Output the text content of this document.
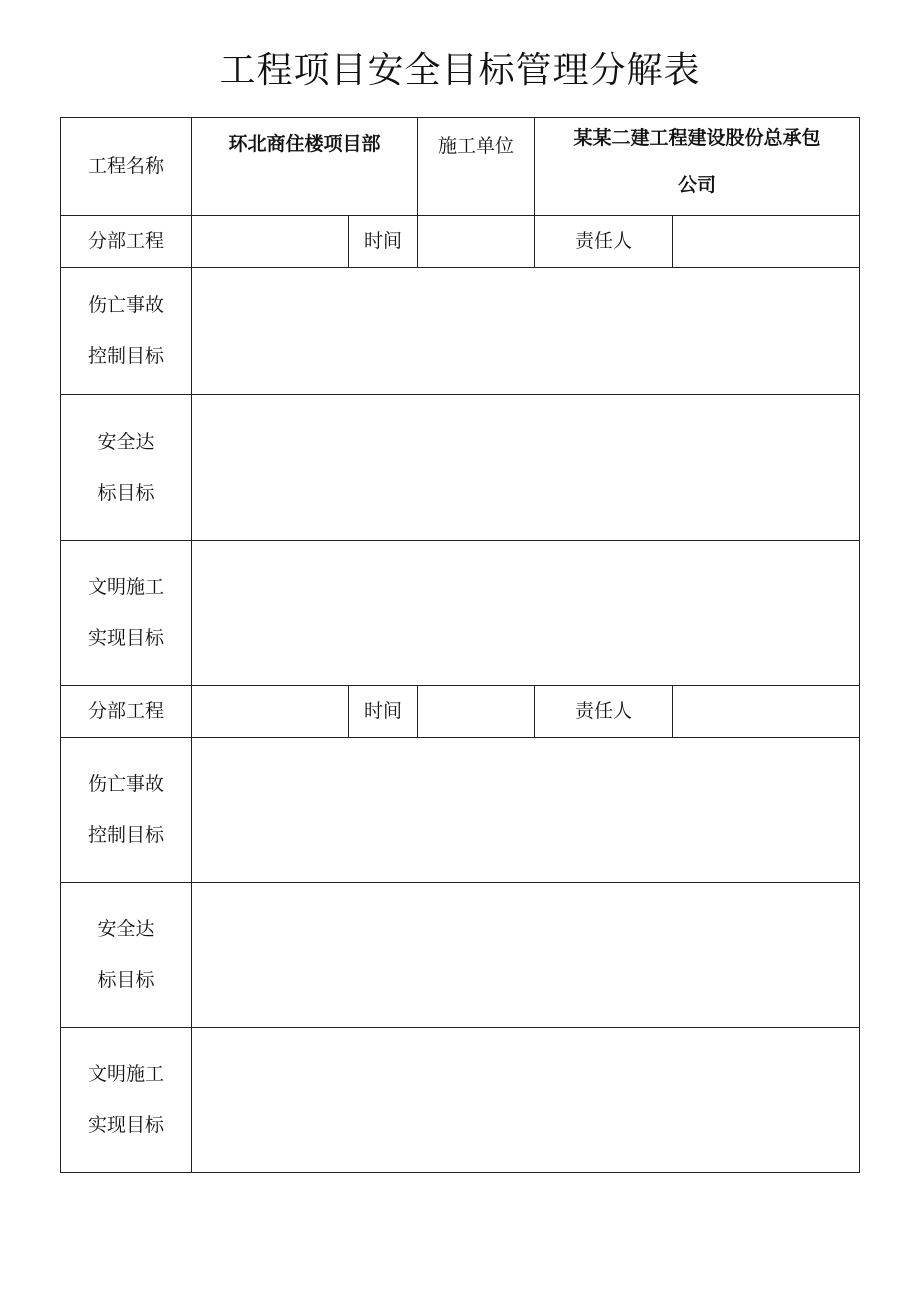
工程项目安全目标管理分解表
工程名称	环北商住楼项目部		施工单位	某某二建工程建设股份总承包
公司	

分部工程		时间		责任人	

伤亡事故
控制目标					

安全达
标目标					

文明施工
实现目标					

分部工程		时间		责任人	

伤亡事故
控制目标					

安全达
标目标					

文明施工
实现目标					
